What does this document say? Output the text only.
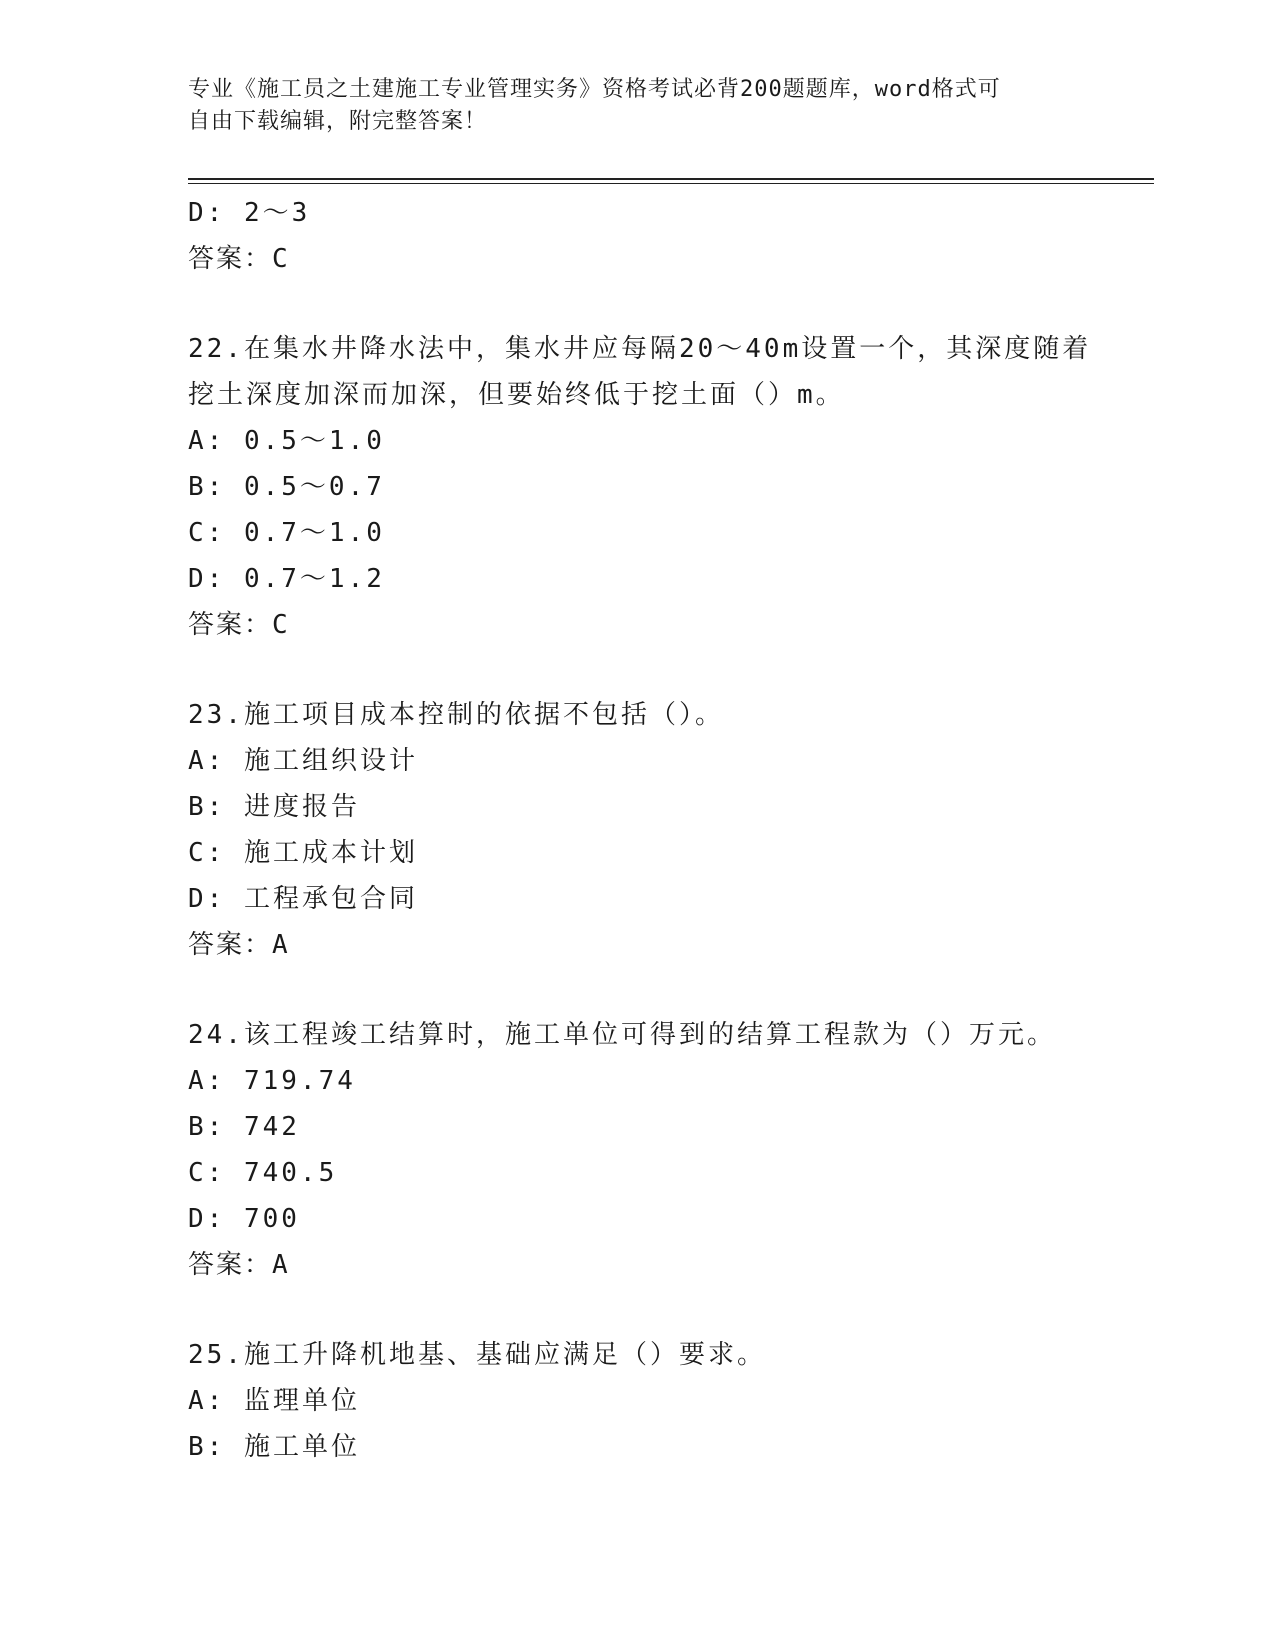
专业《施工员之土建施工专业管理实务》资格考试必背200题题库，word格式可
自由下载编辑，附完整答案！
D: 2～3
答案：C
22.在集水井降水法中，集水井应每隔20～40m设置一个，其深度随着
挖土深度加深而加深，但要始终低于挖土面（）m。
A: 0.5～1.0
B: 0.5～0.7
C: 0.7～1.0
D: 0.7～1.2
答案：C
23.施工项目成本控制的依据不包括（）。
A: 施工组织设计
B: 进度报告
C: 施工成本计划
D: 工程承包合同
答案：A
24.该工程竣工结算时，施工单位可得到的结算工程款为（）万元。
A: 719.74
B: 742
C: 740.5
D: 700
答案：A
25.施工升降机地基、基础应满足（）要求。
A: 监理单位
B: 施工单位
